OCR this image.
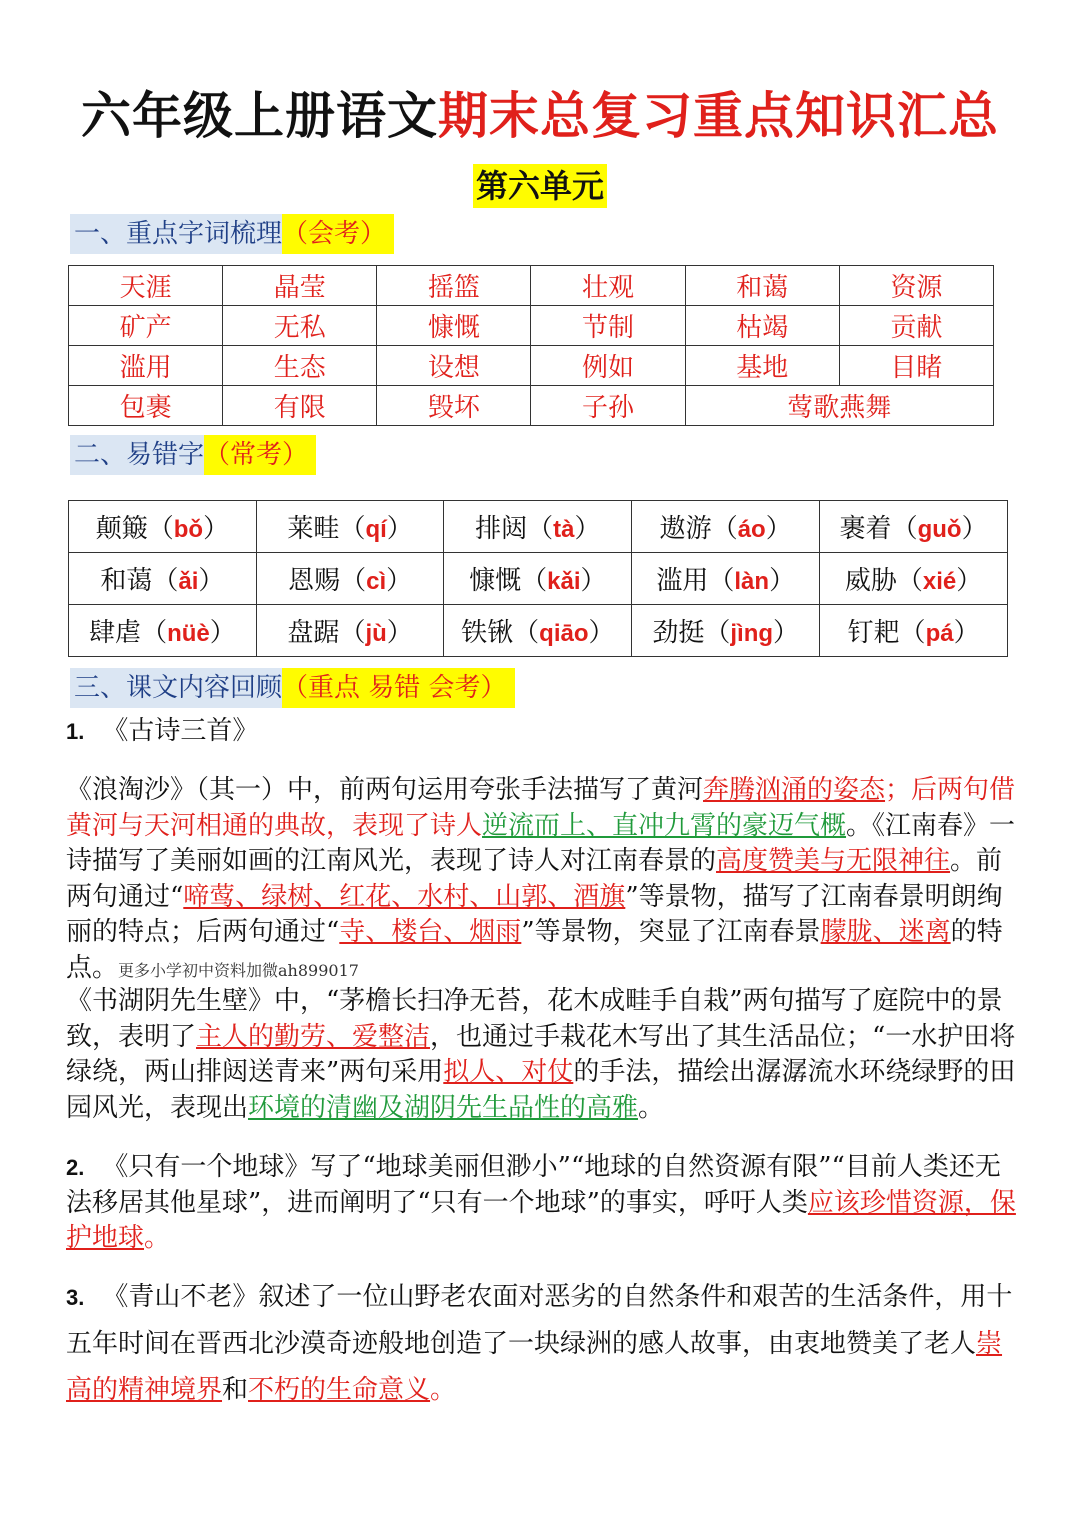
六年级上册语文期末总复习重点知识汇总
第六单元
一、重点字词梳理 （会考）
天涯	晶莹	摇篮	壮观	和蔼	资源
矿产	无私	慷慨	节制	枯竭	贡献
滥用	生态	设想	例如	基地	目睹
包裹	有限	毁坏	子孙	莺歌燕舞	
二、易错字 （常考）
颠簸（bǒ）	莱畦（qí）	排闼（tà）	遨游（áo）	裹着（guǒ）
和蔼（ǎi）	恩赐（cì）	慷慨（kǎi）	滥用（làn）	威胁（xié）
肆虐（nüè）	盘踞（jù）	铁锹（qiāo）	劲挺（jìng）	钉耙（pá）
三、课文内容回顾 （重点 易错 会考）
1. 《古诗三首》
《浪淘沙》（其一）中，前两句运用夸张手法描写了黄河奔腾汹涌的姿态；后两句借黄河与天河相通的典故，表现了诗人逆流而上、直冲九霄的豪迈气概。《江南春》一诗描写了美丽如画的江南风光，表现了诗人对江南春景的高度赞美与无限神往。前两句通过“啼莺、绿树、红花、水村、山郭、酒旗”等景物，描写了江南春景明朗绚丽的特点；后两句通过“寺、楼台、烟雨”等景物，突显了江南春景朦胧、迷离的特点。更多小学初中资料加微ah899017
《书湖阴先生壁》中，“茅檐长扫净无苔，花木成畦手自栽”两句描写了庭院中的景致，表明了主人的勤劳、爱整洁，也通过手栽花木写出了其生活品位；“一水护田将绿绕，两山排闼送青来”两句采用拟人、对仗的手法，描绘出潺潺流水环绕绿野的田园风光，表现出环境的清幽及湖阴先生品性的高雅。
2. 《只有一个地球》写了“地球美丽但渺小”“地球的自然资源有限”“目前人类还无法移居其他星球”，进而阐明了“只有一个地球”的事实，呼吁人类应该珍惜资源，保护地球。
3. 《青山不老》叙述了一位山野老农面对恶劣的自然条件和艰苦的生活条件，用十五年时间在晋西北沙漠奇迹般地创造了一块绿洲的感人故事，由衷地赞美了老人崇高的精神境界和不朽的生命意义。
